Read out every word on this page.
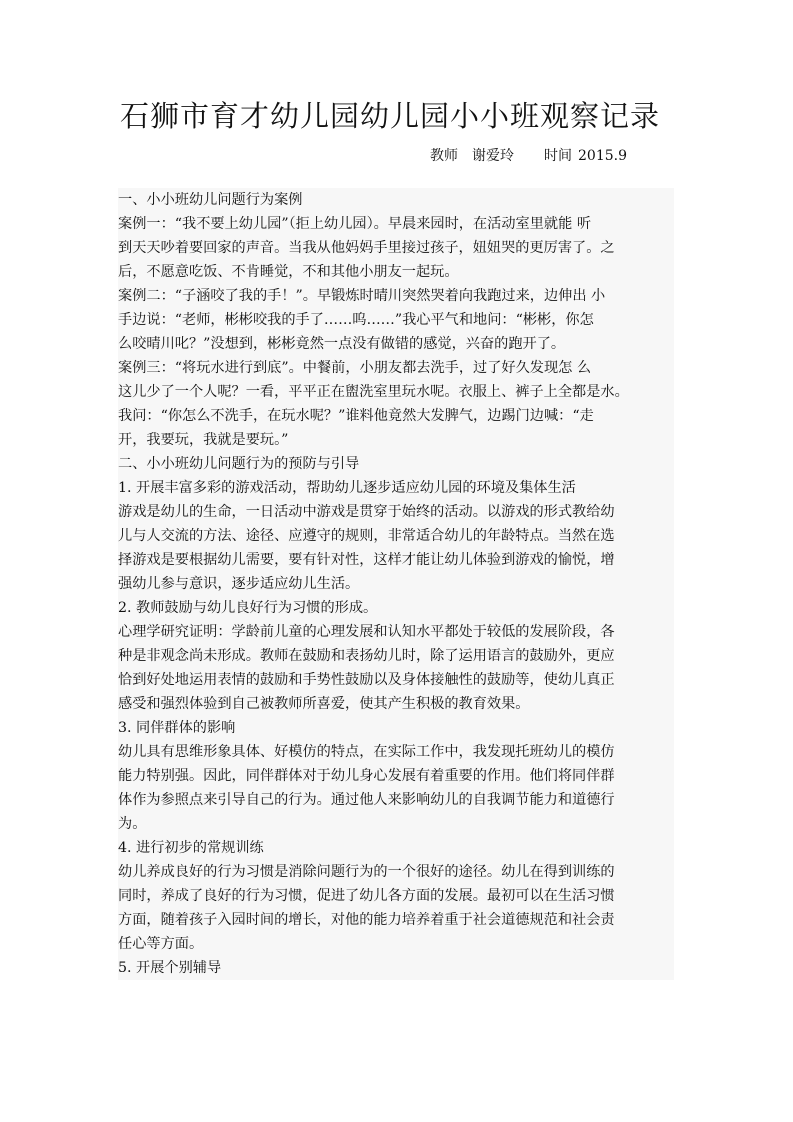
石狮市育才幼儿园幼儿园小小班观察记录
教师 谢爱玲 时间 2015.9
一、小小班幼儿问题行为案例
案例一：“我不要上幼儿园”（拒上幼儿园）。早晨来园时，在活动室里就能 听
到天天吵着要回家的声音。当我从他妈妈手里接过孩子，妞妞哭的更厉害了。之
后，不愿意吃饭、不肯睡觉，不和其他小朋友一起玩。
案例二：“子涵咬了我的手！”。早锻炼时晴川突然哭着向我跑过来，边伸出 小
手边说：“老师，彬彬咬我的手了……呜……”我心平气和地问：“彬彬，你怎
么咬晴川叱？”没想到，彬彬竟然一点没有做错的感觉，兴奋的跑开了。
案例三：“将玩水进行到底”。中餐前，小朋友都去洗手，过了好久发现怎 么
这儿少了一个人呢？一看，平平正在盥洗室里玩水呢。衣服上、裤子上全都是水。
我问：“你怎么不洗手，在玩水呢？”谁料他竟然大发脾气，边踢门边喊：“走
开，我要玩，我就是要玩。”
二、小小班幼儿问题行为的预防与引导
1. 开展丰富多彩的游戏活动，帮助幼儿逐步适应幼儿园的环境及集体生活
游戏是幼儿的生命，一日活动中游戏是贯穿于始终的活动。以游戏的形式教给幼
儿与人交流的方法、途径、应遵守的规则，非常适合幼儿的年龄特点。当然在选
择游戏是要根据幼儿需要，要有针对性，这样才能让幼儿体验到游戏的愉悦，增
强幼儿参与意识，逐步适应幼儿生活。
2. 教师鼓励与幼儿良好行为习惯的形成。
心理学研究证明：学龄前儿童的心理发展和认知水平都处于较低的发展阶段，各
种是非观念尚未形成。教师在鼓励和表扬幼儿时，除了运用语言的鼓励外，更应
恰到好处地运用表情的鼓励和手势性鼓励以及身体接触性的鼓励等，使幼儿真正
感受和强烈体验到自己被教师所喜爱，使其产生积极的教育效果。
3. 同伴群体的影响
幼儿具有思维形象具体、好模仿的特点，在实际工作中，我发现托班幼儿的模仿
能力特别强。因此，同伴群体对于幼儿身心发展有着重要的作用。他们将同伴群
体作为参照点来引导自己的行为。通过他人来影响幼儿的自我调节能力和道德行
为。
4. 进行初步的常规训练
幼儿养成良好的行为习惯是消除问题行为的一个很好的途径。幼儿在得到训练的
同时，养成了良好的行为习惯，促进了幼儿各方面的发展。最初可以在生活习惯
方面，随着孩子入园时间的增长，对他的能力培养着重于社会道德规范和社会责
任心等方面。
5. 开展个别辅导
